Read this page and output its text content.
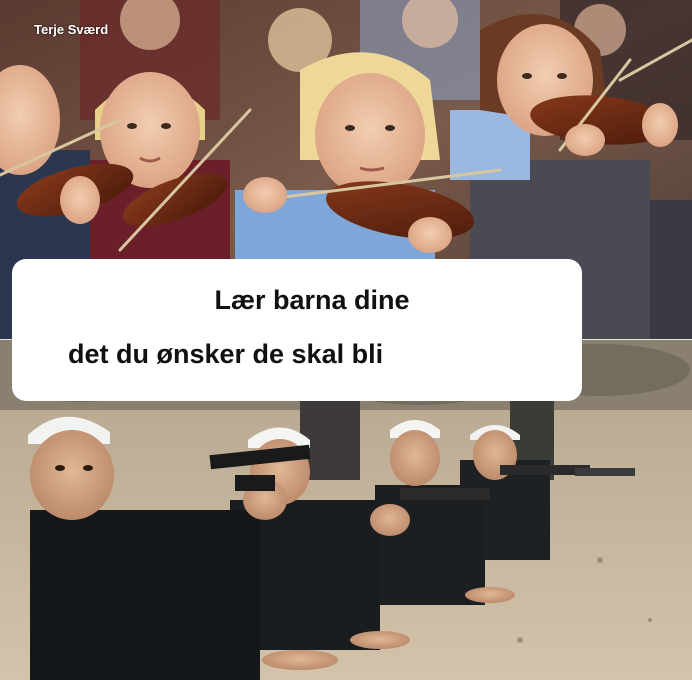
Terje Sværd
Lær barna dine
det du ønsker de skal bli
